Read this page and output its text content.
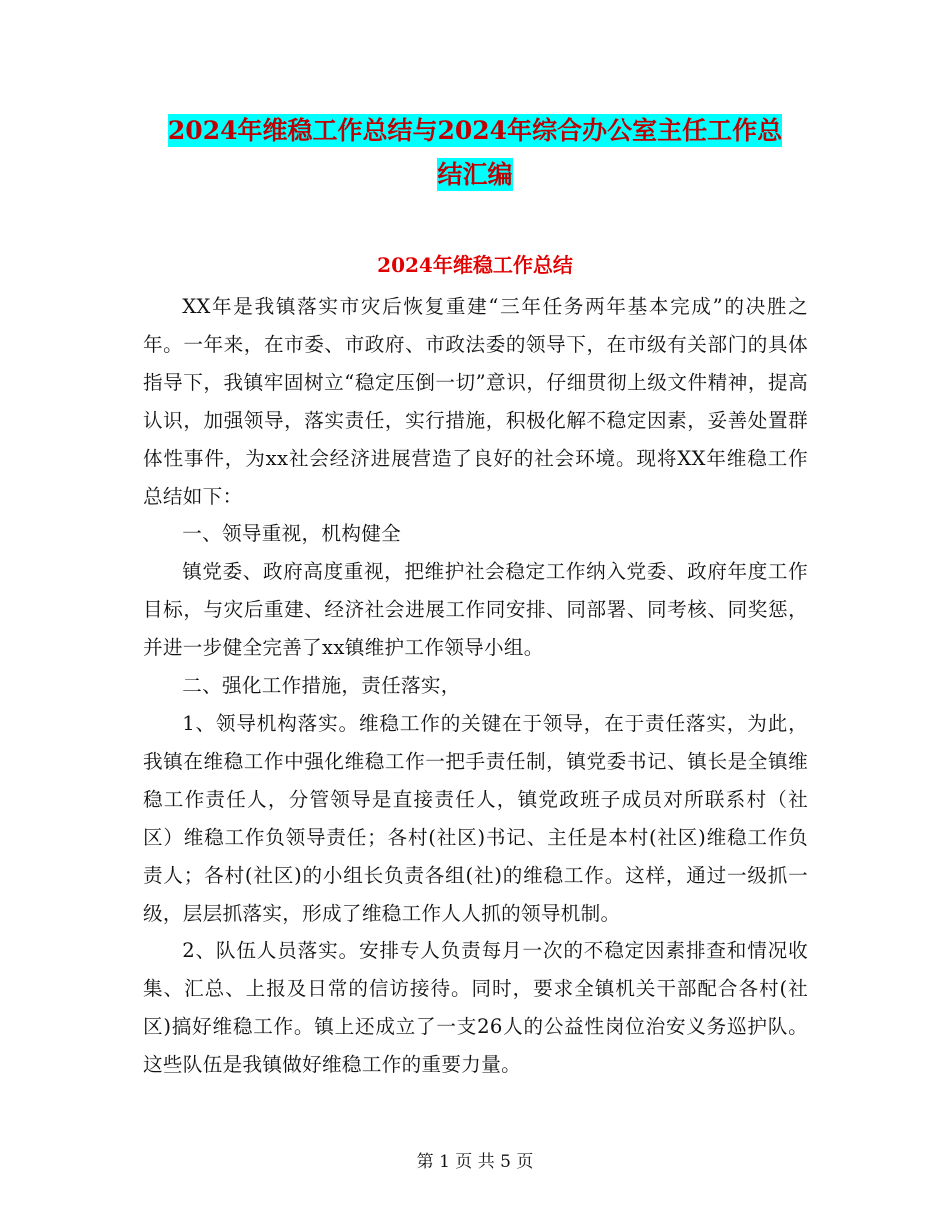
2024年维稳工作总结与2024年综合办公室主任工作总
结汇编
2024年维稳工作总结

XX年是我镇落实市灾后恢复重建“三年任务两年基本完成”的决胜之年。一年来，在市委、市政府、市政法委的领导下，在市级有关部门的具体指导下，我镇牢固树立“稳定压倒一切”意识，仔细贯彻上级文件精神，提高认识，加强领导，落实责任，实行措施，积极化解不稳定因素，妥善处置群体性事件，为xx社会经济进展营造了良好的社会环境。现将XX年维稳工作总结如下：

一、领导重视，机构健全

镇党委、政府高度重视，把维护社会稳定工作纳入党委、政府年度工作目标，与灾后重建、经济社会进展工作同安排、同部署、同考核、同奖惩，并进一步健全完善了xx镇维护工作领导小组。

二、强化工作措施，责任落实，

1、领导机构落实。维稳工作的关键在于领导，在于责任落实，为此，我镇在维稳工作中强化维稳工作一把手责任制，镇党委书记、镇长是全镇维稳工作责任人，分管领导是直接责任人，镇党政班子成员对所联系村（社区）维稳工作负领导责任；各村(社区)书记、主任是本村(社区)维稳工作负责人；各村(社区)的小组长负责各组(社)的维稳工作。这样，通过一级抓一级，层层抓落实，形成了维稳工作人人抓的领导机制。

2、队伍人员落实。安排专人负责每月一次的不稳定因素排查和情况收集、汇总、上报及日常的信访接待。同时，要求全镇机关干部配合各村(社区)搞好维稳工作。镇上还成立了一支26人的公益性岗位治安义务巡护队。这些队伍是我镇做好维稳工作的重要力量。

第 1 页 共 5 页
